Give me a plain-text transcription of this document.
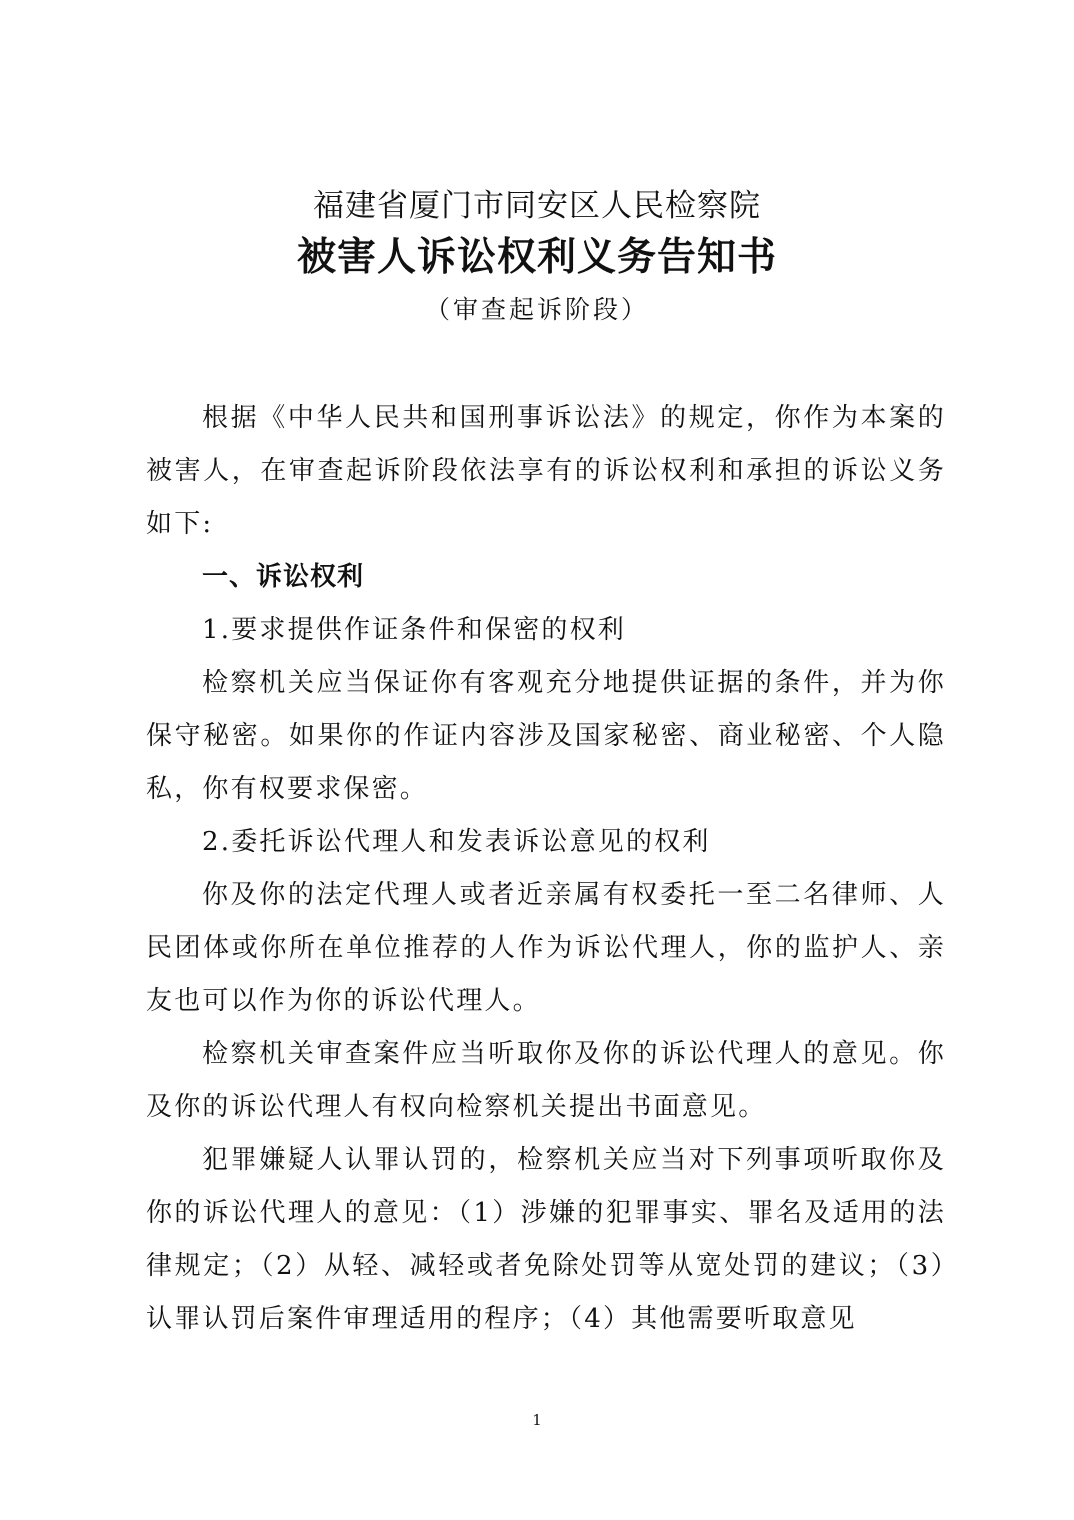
福建省厦门市同安区人民检察院
被害人诉讼权利义务告知书
（审查起诉阶段）

根据《中华人民共和国刑事诉讼法》的规定，你作为本案的被害人，在审查起诉阶段依法享有的诉讼权利和承担的诉讼义务如下:

一、诉讼权利

1.要求提供作证条件和保密的权利

检察机关应当保证你有客观充分地提供证据的条件，并为你保守秘密。如果你的作证内容涉及国家秘密、商业秘密、个人隐私，你有权要求保密。

2.委托诉讼代理人和发表诉讼意见的权利

你及你的法定代理人或者近亲属有权委托一至二名律师、人民团体或你所在单位推荐的人作为诉讼代理人，你的监护人、亲友也可以作为你的诉讼代理人。

检察机关审查案件应当听取你及你的诉讼代理人的意见。你及你的诉讼代理人有权向检察机关提出书面意见。

犯罪嫌疑人认罪认罚的，检察机关应当对下列事项听取你及你的诉讼代理人的意见：（1）涉嫌的犯罪事实、罪名及适用的法律规定；（2）从轻、减轻或者免除处罚等从宽处罚的建议；（3）认罪认罚后案件审理适用的程序；（4）其他需要听取意见

1
